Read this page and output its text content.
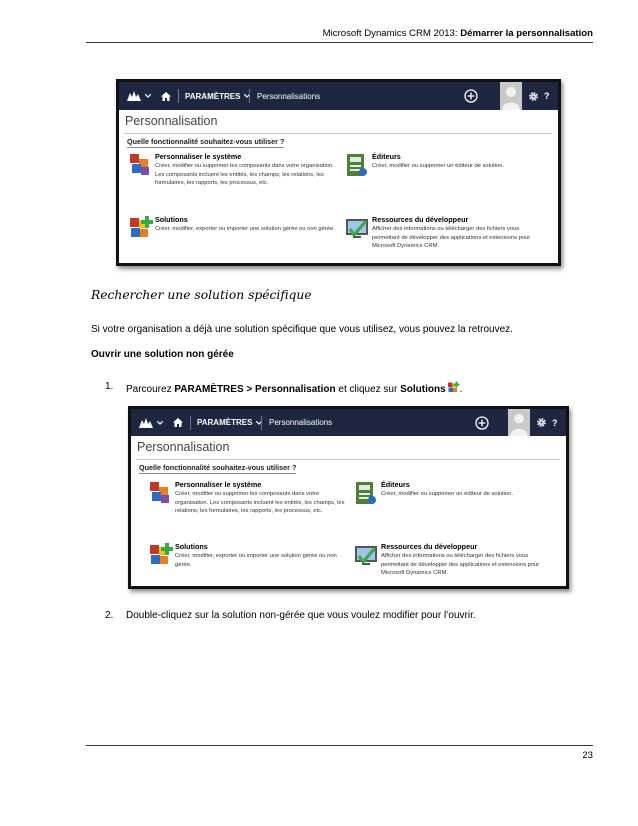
Microsoft Dynamics CRM 2013: Démarrer la personnalisation
PARAMÈTRES Personnalisations	?
Personnalisation
Quelle fonctionnalité souhaitez-vous utiliser ?
Personnaliser le système
Créer, modifier ou supprimer les composants dans votre organisation. Les composants incluent les entités, les champs, les relations, les formulaires, les rapports, les processus, etc.
Éditeurs
Créer, modifier ou supprimer un éditeur de solution.
Solutions
Créer, modifier, exporter ou importer une solution gérée ou non gérée.
Ressources du développeur
Afficher des informations ou télécharger des fichiers vous permettant de développer des applications et extensions pour Microsoft Dynamics CRM.
Rechercher une solution spécifique
Si votre organisation a déjà une solution spécifique que vous utilisez, vous pouvez la retrouvez.
Ouvrir une solution non gérée
1. Parcourez PARAMÈTRES > Personnalisation et cliquez sur Solutions .
PARAMÈTRES Personnalisations	?
Personnalisation
Quelle fonctionnalité souhaitez-vous utiliser ?
Personnaliser le système
Créer, modifier ou supprimer les composants dans votre organisation. Les composants incluent les entités, les champs, les relations, les formulaires, les rapports, les processus, etc.
Éditeurs
Créer, modifier ou supprimer un éditeur de solution.
Solutions
Créer, modifier, exporter ou importer une solution gérée ou non gérée.
Ressources du développeur
Afficher des informations ou télécharger des fichiers vous permettant de développer des applications et extensions pour Microsoft Dynamics CRM.
2. Double-cliquez sur la solution non-gérée que vous voulez modifier pour l’ouvrir.
23
